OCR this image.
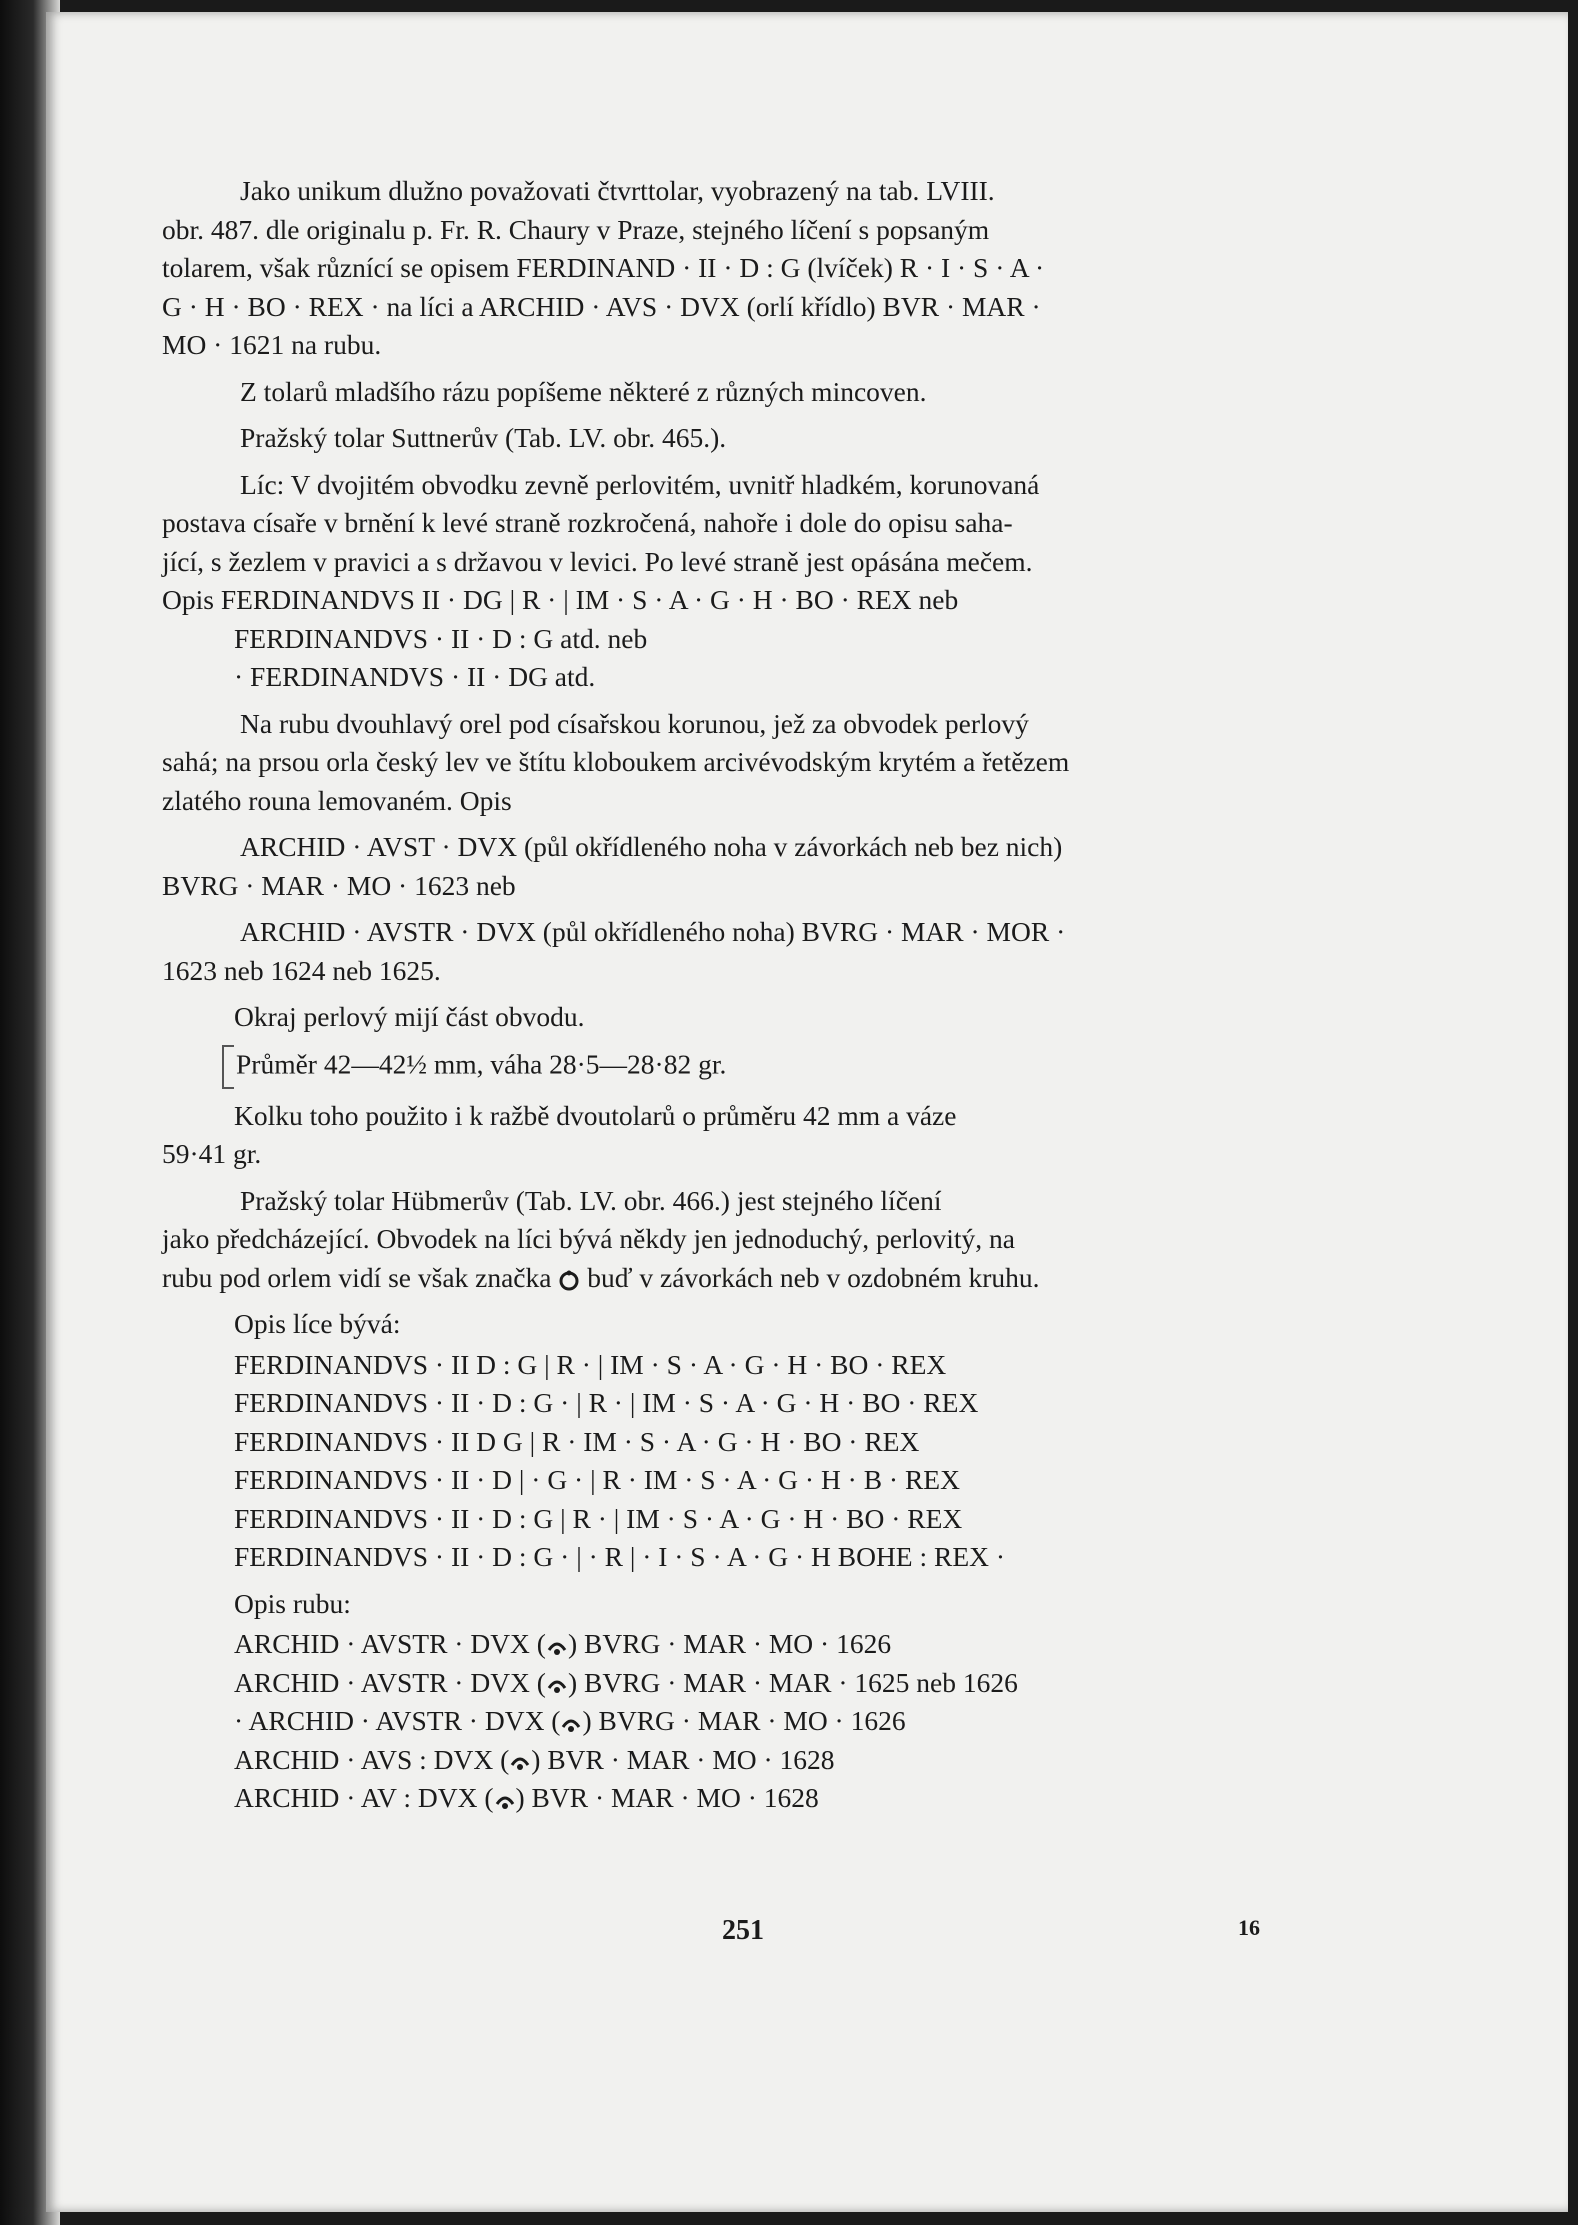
Jako unikum dlužno považovati čtvrttolar, vyobrazený na tab. LVIII.

obr. 487. dle originalu p. Fr. R. Chaury v Praze, stejného líčení s popsaným

tolarem, však různící se opisem FERDINAND · II · D : G (lvíček) R · I · S · A ·

G · H · BO · REX · na líci a ARCHID · AVS · DVX (orlí křídlo) BVR · MAR ·

MO · 1621 na rubu.

Z tolarů mladšího rázu popíšeme některé z různých mincoven.

Pražský tolar Suttnerův (Tab. LV. obr. 465.).

Líc: V dvojitém obvodku zevně perlovitém, uvnitř hladkém, korunovaná

postava císaře v brnění k levé straně rozkročená, nahoře i dole do opisu saha-

jící, s žezlem v pravici a s državou v levici. Po levé straně jest opásána mečem.

Opis FERDINANDVS II · DG | R · | IM · S · A · G · H · BO · REX neb

FERDINANDVS · II · D : G atd. neb

· FERDINANDVS · II · DG atd.

Na rubu dvouhlavý orel pod císařskou korunou, jež za obvodek perlový

sahá; na prsou orla český lev ve štítu kloboukem arcivévodským krytém a řetězem

zlatého rouna lemovaném. Opis

ARCHID · AVST · DVX (půl okřídleného noha v závorkách neb bez nich)

BVRG · MAR · MO · 1623 neb

ARCHID · AVSTR · DVX (půl okřídleného noha) BVRG · MAR · MOR ·

1623 neb 1624 neb 1625.

Okraj perlový mijí část obvodu.

Průměr 42—42½ mm, váha 28·5—28·82 gr.

Kolku toho použito i k ražbě dvoutolarů o průměru 42 mm a váze

59·41 gr.

Pražský tolar Hübmerův (Tab. LV. obr. 466.) jest stejného líčení

jako předcházející. Obvodek na líci bývá někdy jen jednoduchý, perlovitý, na

rubu pod orlem vidí se však značka buď v závorkách neb v ozdobném kruhu.

Opis líce bývá:

FERDINANDVS · II D : G | R · | IM · S · A · G · H · BO · REX

FERDINANDVS · II · D : G · | R · | IM · S · A · G · H · BO · REX

FERDINANDVS · II D G | R · IM · S · A · G · H · BO · REX

FERDINANDVS · II · D | · G · | R · IM · S · A · G · H · B · REX

FERDINANDVS · II · D : G | R · | IM · S · A · G · H · BO · REX

FERDINANDVS · II · D : G · | · R | · I · S · A · G · H BOHE : REX ·

Opis rubu:

ARCHID · AVSTR · DVX ( ) BVRG · MAR · MO · 1626

ARCHID · AVSTR · DVX ( ) BVRG · MAR · MAR · 1625 neb 1626

· ARCHID · AVSTR · DVX ( ) BVRG · MAR · MO · 1626

ARCHID · AVS : DVX ( ) BVR · MAR · MO · 1628

ARCHID · AV : DVX ( ) BVR · MAR · MO · 1628

251	16
